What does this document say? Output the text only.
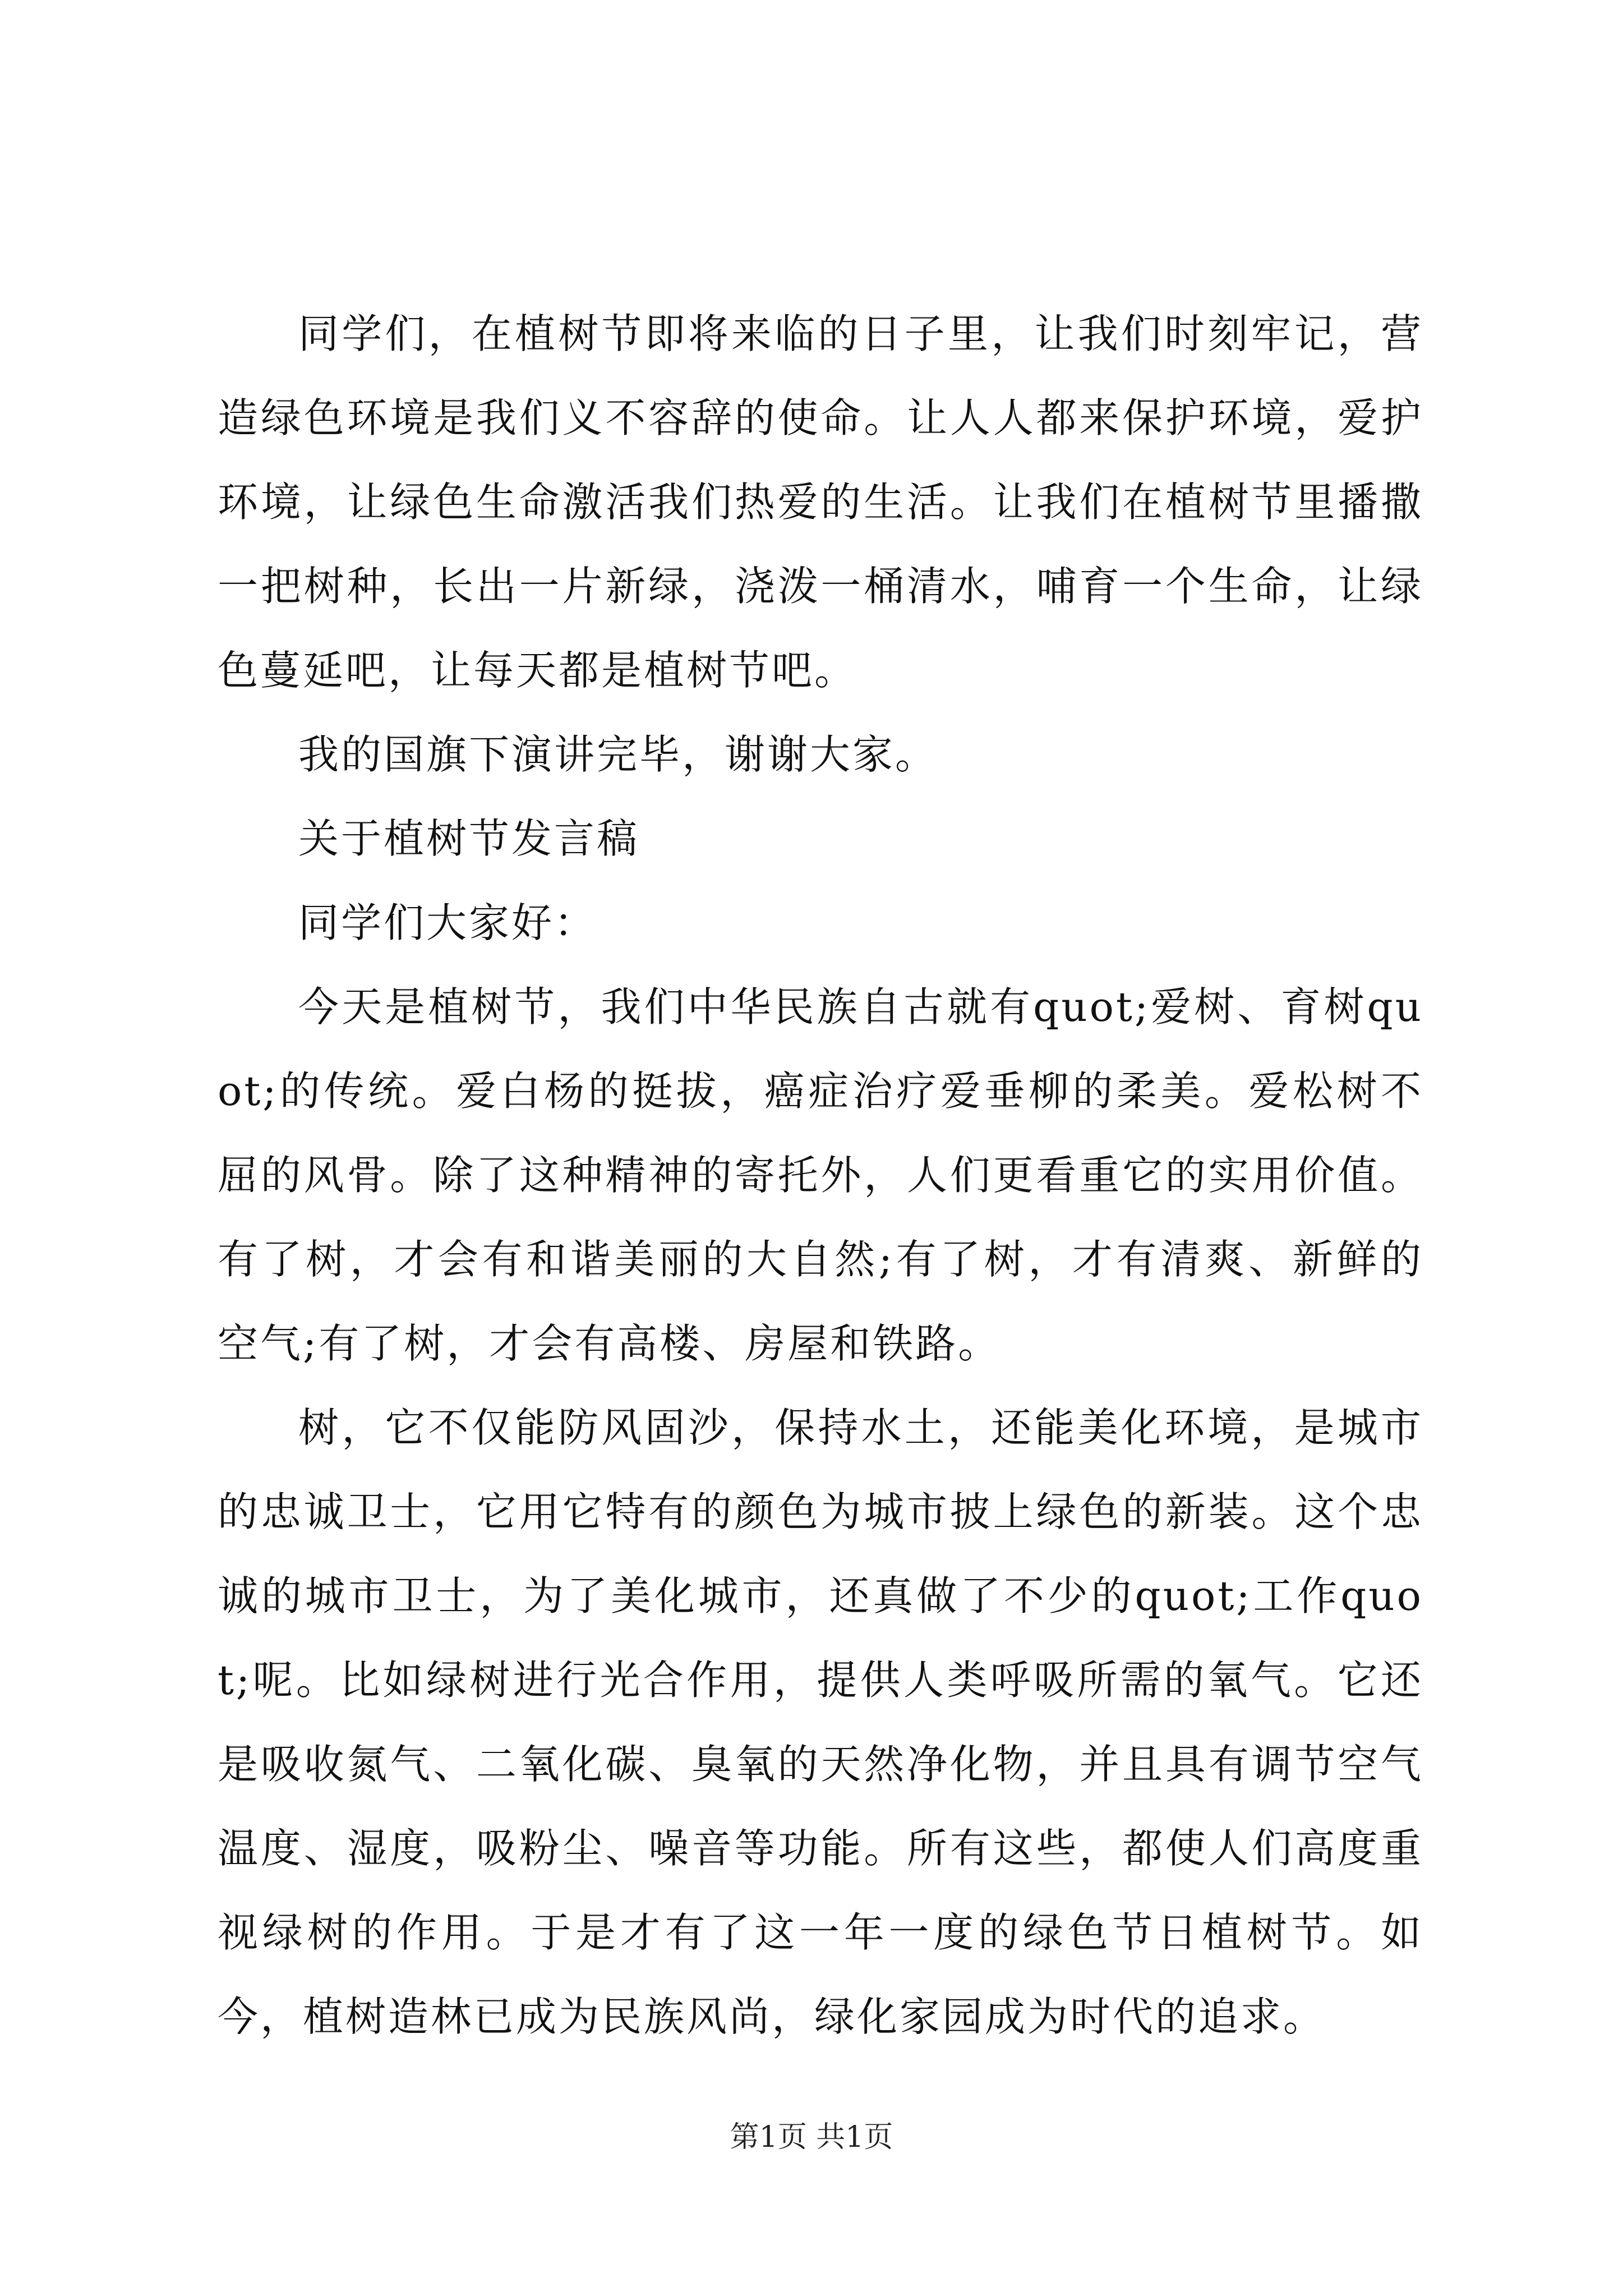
同学们，在植树节即将来临的日子里，让我们时刻牢记，营造绿色环境是我们义不容辞的使命。让人人都来保护环境，爱护环境，让绿色生命激活我们热爱的生活。让我们在植树节里播撒一把树种，长出一片新绿，浇泼一桶清水，哺育一个生命，让绿色蔓延吧，让每天都是植树节吧。

我的国旗下演讲完毕，谢谢大家。

关于植树节发言稿

同学们大家好：

今天是植树节，我们中华民族自古就有quot;爱树、育树quot;的传统。爱白杨的挺拔，癌症治疗爱垂柳的柔美。爱松树不屈的风骨。除了这种精神的寄托外，人们更看重它的实用价值。有了树，才会有和谐美丽的大自然;有了树，才有清爽、新鲜的空气;有了树，才会有高楼、房屋和铁路。

树，它不仅能防风固沙，保持水土，还能美化环境，是城市的忠诚卫士，它用它特有的颜色为城市披上绿色的新装。这个忠诚的城市卫士，为了美化城市，还真做了不少的quot;工作quot;呢。比如绿树进行光合作用，提供人类呼吸所需的氧气。它还是吸收氮气、二氧化碳、臭氧的天然净化物，并且具有调节空气温度、湿度，吸粉尘、噪音等功能。所有这些，都使人们高度重视绿树的作用。于是才有了这一年一度的绿色节日植树节。如今，植树造林已成为民族风尚，绿化家园成为时代的追求。

第1页 共1页
